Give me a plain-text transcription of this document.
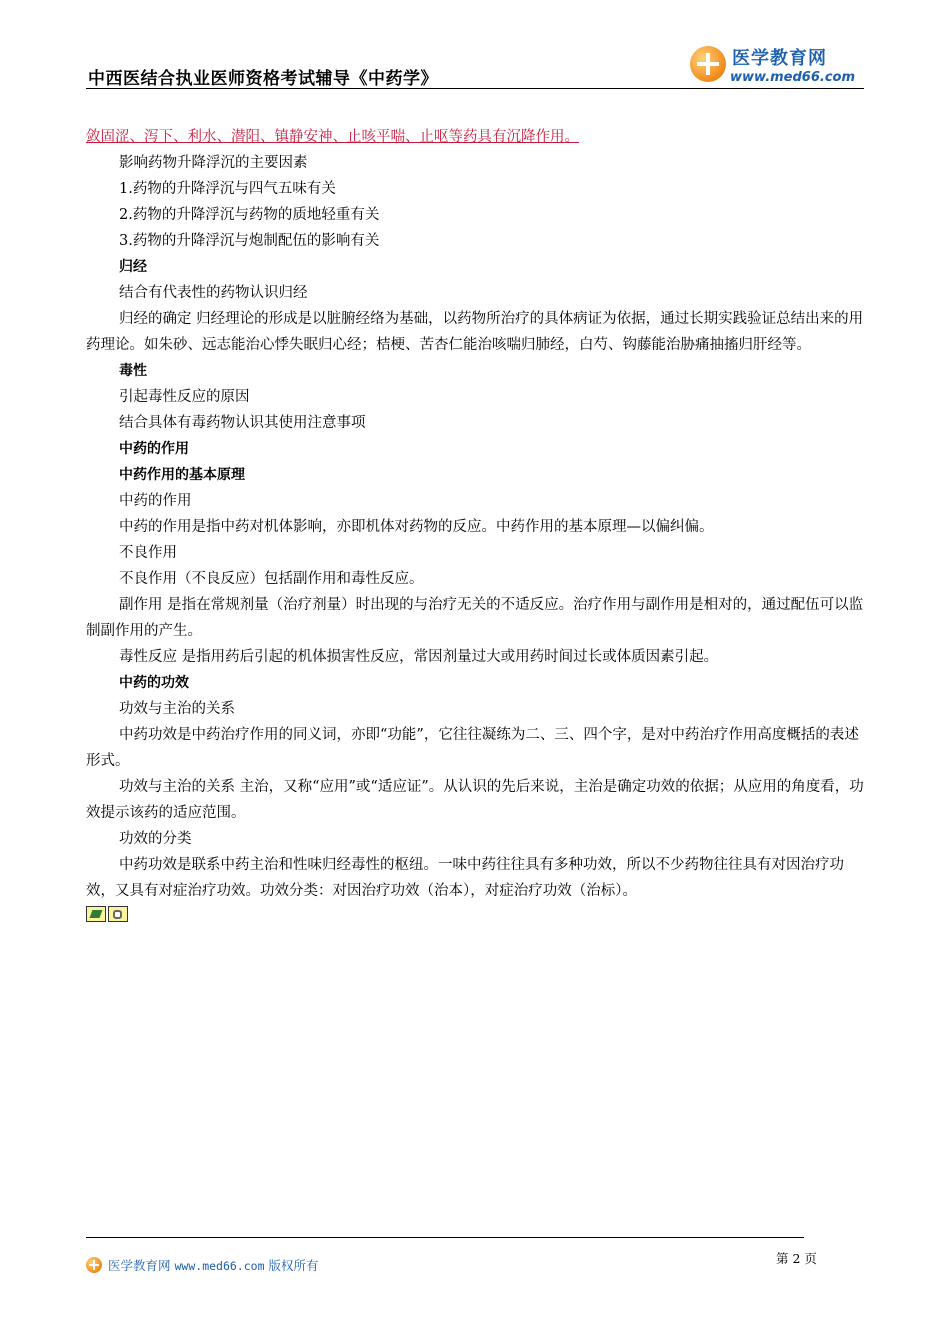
中西医结合执业医师资格考试辅导《中药学》
医学教育网
www.med66.com

敛固涩、泻下、利水、潜阳、镇静安神、止咳平喘、止呕等药具有沉降作用。

影响药物升降浮沉的主要因素

1.药物的升降浮沉与四气五味有关

2.药物的升降浮沉与药物的质地轻重有关

3.药物的升降浮沉与炮制配伍的影响有关

归经

结合有代表性的药物认识归经

归经的确定 归经理论的形成是以脏腑经络为基础，以药物所治疗的具体病证为依据，通过长期实践验证总结出来的用药理论。如朱砂、远志能治心悸失眠归心经；桔梗、苦杏仁能治咳喘归肺经，白芍、钩藤能治胁痛抽搐归肝经等。

毒性

引起毒性反应的原因

结合具体有毒药物认识其使用注意事项

中药的作用

中药作用的基本原理

中药的作用

中药的作用是指中药对机体影响，亦即机体对药物的反应。中药作用的基本原理—以偏纠偏。

不良作用

不良作用（不良反应）包括副作用和毒性反应。

副作用 是指在常规剂量（治疗剂量）时出现的与治疗无关的不适反应。治疗作用与副作用是相对的，通过配伍可以监制副作用的产生。

毒性反应 是指用药后引起的机体损害性反应，常因剂量过大或用药时间过长或体质因素引起。

中药的功效

功效与主治的关系

中药功效是中药治疗作用的同义词，亦即“功能”，它往往凝练为二、三、四个字，是对中药治疗作用高度概括的表述形式。

功效与主治的关系 主治，又称“应用”或“适应证”。从认识的先后来说，主治是确定功效的依据；从应用的角度看，功效提示该药的适应范围。

功效的分类

中药功效是联系中药主治和性味归经毒性的枢纽。一味中药往往具有多种功效，所以不少药物往往具有对因治疗功效，又具有对症治疗功效。功效分类：对因治疗功效（治本），对症治疗功效（治标）。

医学教育网 www.med66.com 版权所有	第 2 页
